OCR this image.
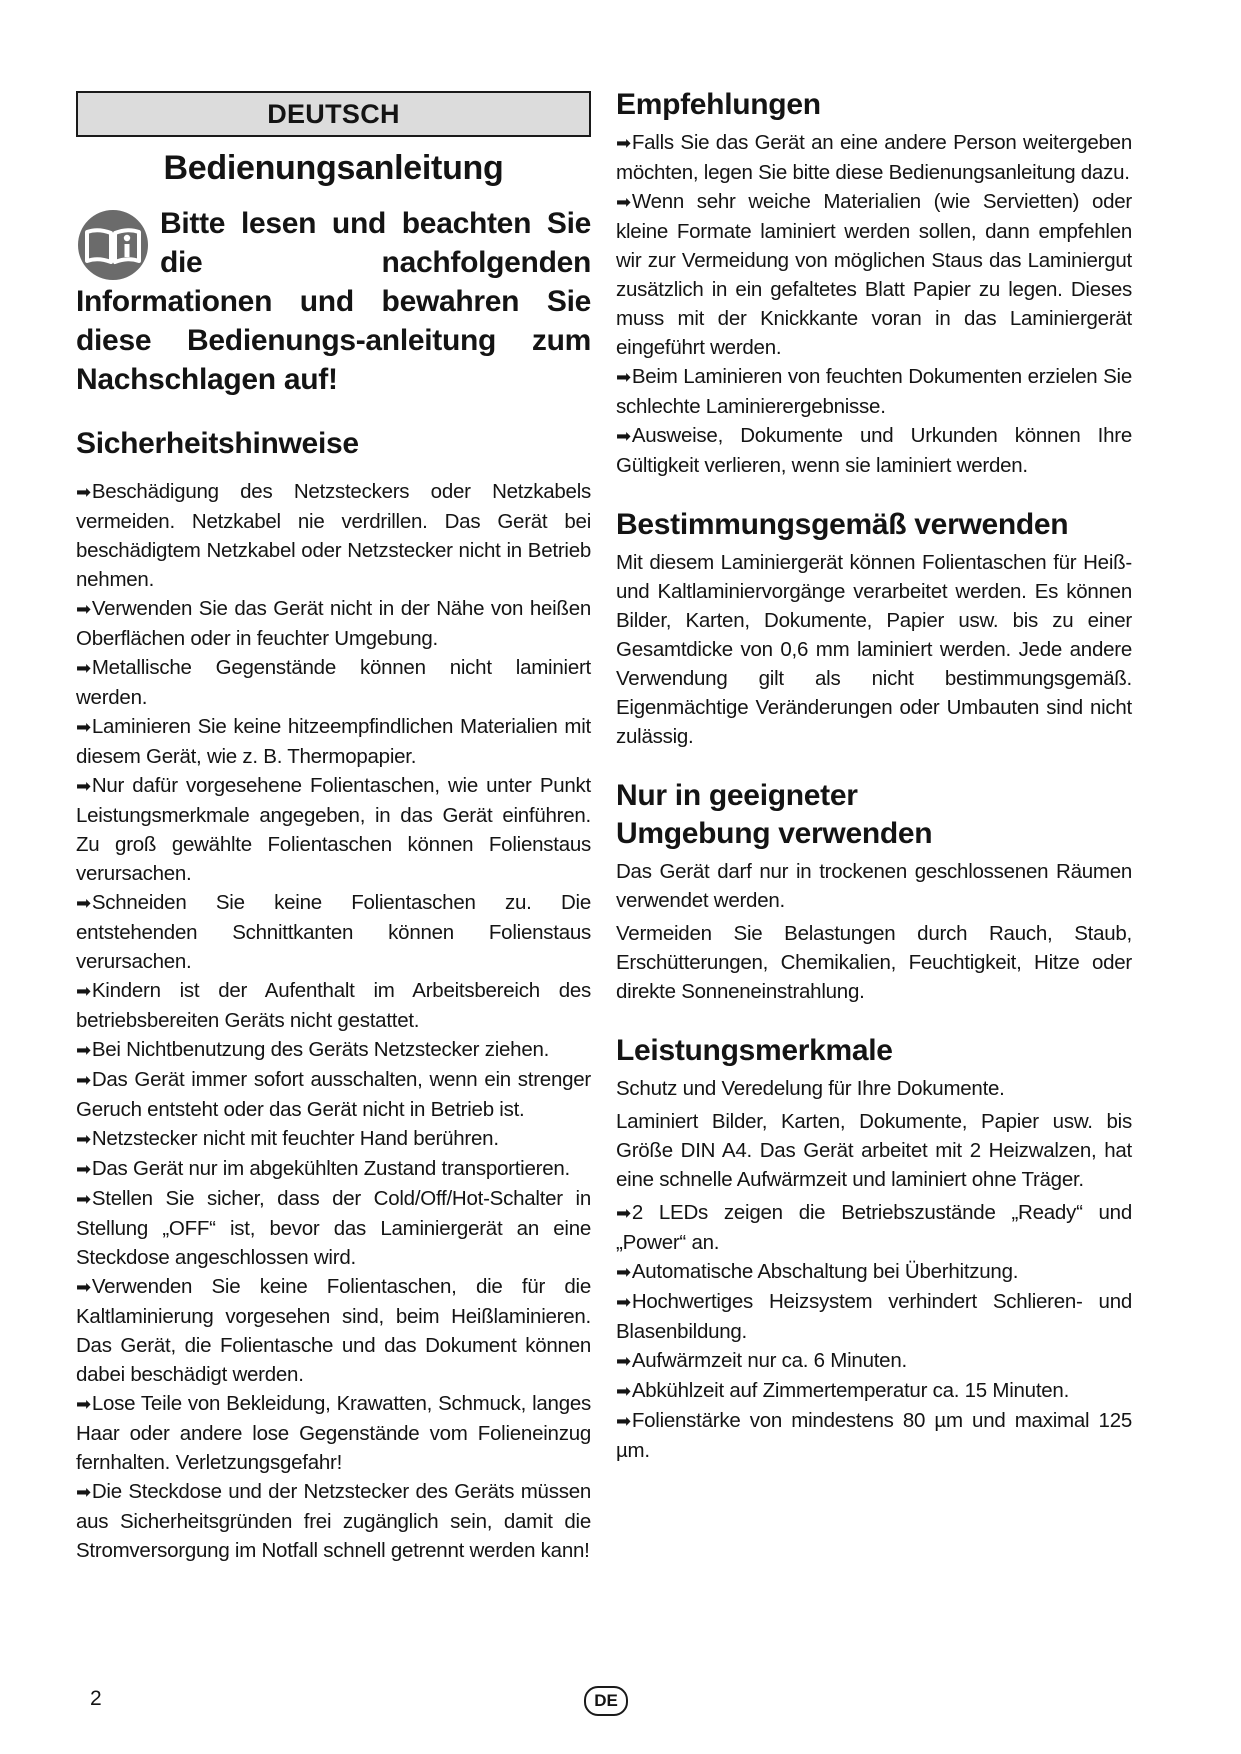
DEUTSCH
Bedienungsanleitung
Bitte lesen und beachten Sie die nachfolgenden Informationen und bewahren Sie diese Bedienungs-anleitung zum Nachschlagen auf!
Sicherheitshinweise

➡Beschädigung des Netzsteckers oder Netzkabels vermeiden. Netzkabel nie verdrillen. Das Gerät bei beschädigtem Netzkabel oder Netzstecker nicht in Betrieb nehmen.

➡Verwenden Sie das Gerät nicht in der Nähe von heißen Oberflächen oder in feuchter Umgebung.

➡Metallische Gegenstände können nicht laminiert werden.

➡Laminieren Sie keine hitzeempfindlichen Materialien mit diesem Gerät, wie z. B. Thermopapier.

➡Nur dafür vorgesehene Folientaschen, wie unter Punkt Leistungsmerkmale angegeben, in das Gerät einführen. Zu groß gewählte Folientaschen können Folienstaus verursachen.

➡Schneiden Sie keine Folientaschen zu. Die entstehenden Schnittkanten können Folienstaus verursachen.

➡Kindern ist der Aufenthalt im Arbeitsbereich des betriebsbereiten Geräts nicht gestattet.

➡Bei Nichtbenutzung des Geräts Netzstecker ziehen.

➡Das Gerät immer sofort ausschalten, wenn ein strenger Geruch entsteht oder das Gerät nicht in Betrieb ist.

➡Netzstecker nicht mit feuchter Hand berühren.

➡Das Gerät nur im abgekühlten Zustand transportieren.

➡Stellen Sie sicher, dass der Cold/Off/Hot-Schalter in Stellung „OFF“ ist, bevor das Laminiergerät an eine Steckdose angeschlossen wird.

➡Verwenden Sie keine Folientaschen, die für die Kaltlaminierung vorgesehen sind, beim Heißlaminieren. Das Gerät, die Folientasche und das Dokument können dabei beschädigt werden.

➡Lose Teile von Bekleidung, Krawatten, Schmuck, langes Haar oder andere lose Gegenstände vom Folieneinzug fernhalten. Verletzungsgefahr!

➡Die Steckdose und der Netzstecker des Geräts müssen aus Sicherheitsgründen frei zugänglich sein, damit die Stromversorgung im Notfall schnell getrennt werden kann!

Empfehlungen

➡Falls Sie das Gerät an eine andere Person weitergeben möchten, legen Sie bitte diese Bedienungsanleitung dazu.

➡Wenn sehr weiche Materialien (wie Servietten) oder kleine Formate laminiert werden sollen, dann empfehlen wir zur Vermeidung von möglichen Staus das Laminiergut zusätzlich in ein gefaltetes Blatt Papier zu legen. Dieses muss mit der Knickkante voran in das Laminiergerät eingeführt werden.

➡Beim Laminieren von feuchten Dokumenten erzielen Sie schlechte Laminierergebnisse.

➡Ausweise, Dokumente und Urkunden können Ihre Gültigkeit verlieren, wenn sie laminiert werden.

Bestimmungsgemäß verwenden

Mit diesem Laminiergerät können Folientaschen für Heiß- und Kaltlaminiervorgänge verarbeitet werden. Es können Bilder, Karten, Dokumente, Papier usw. bis zu einer Gesamtdicke von 0,6 mm laminiert werden. Jede andere Verwendung gilt als nicht bestimmungsgemäß. Eigenmächtige Veränderungen oder Umbauten sind nicht zulässig.

Nur in geeigneter Umgebung verwenden

Das Gerät darf nur in trockenen geschlossenen Räumen verwendet werden.

Vermeiden Sie Belastungen durch Rauch, Staub, Erschütterungen, Chemikalien, Feuchtigkeit, Hitze oder direkte Sonneneinstrahlung.

Leistungsmerkmale

Schutz und Veredelung für Ihre Dokumente.

Laminiert Bilder, Karten, Dokumente, Papier usw. bis Größe DIN A4. Das Gerät arbeitet mit 2 Heizwalzen, hat eine schnelle Aufwärmzeit und laminiert ohne Träger.

➡2 LEDs zeigen die Betriebszustände „Ready“ und „Power“ an.

➡Automatische Abschaltung bei Überhitzung.

➡Hochwertiges Heizsystem verhindert Schlieren- und Blasenbildung.

➡Aufwärmzeit nur ca. 6 Minuten.

➡Abkühlzeit auf Zimmertemperatur ca. 15 Minuten.

➡Folienstärke von mindestens 80 µm und maximal 125 µm.

2	DE
